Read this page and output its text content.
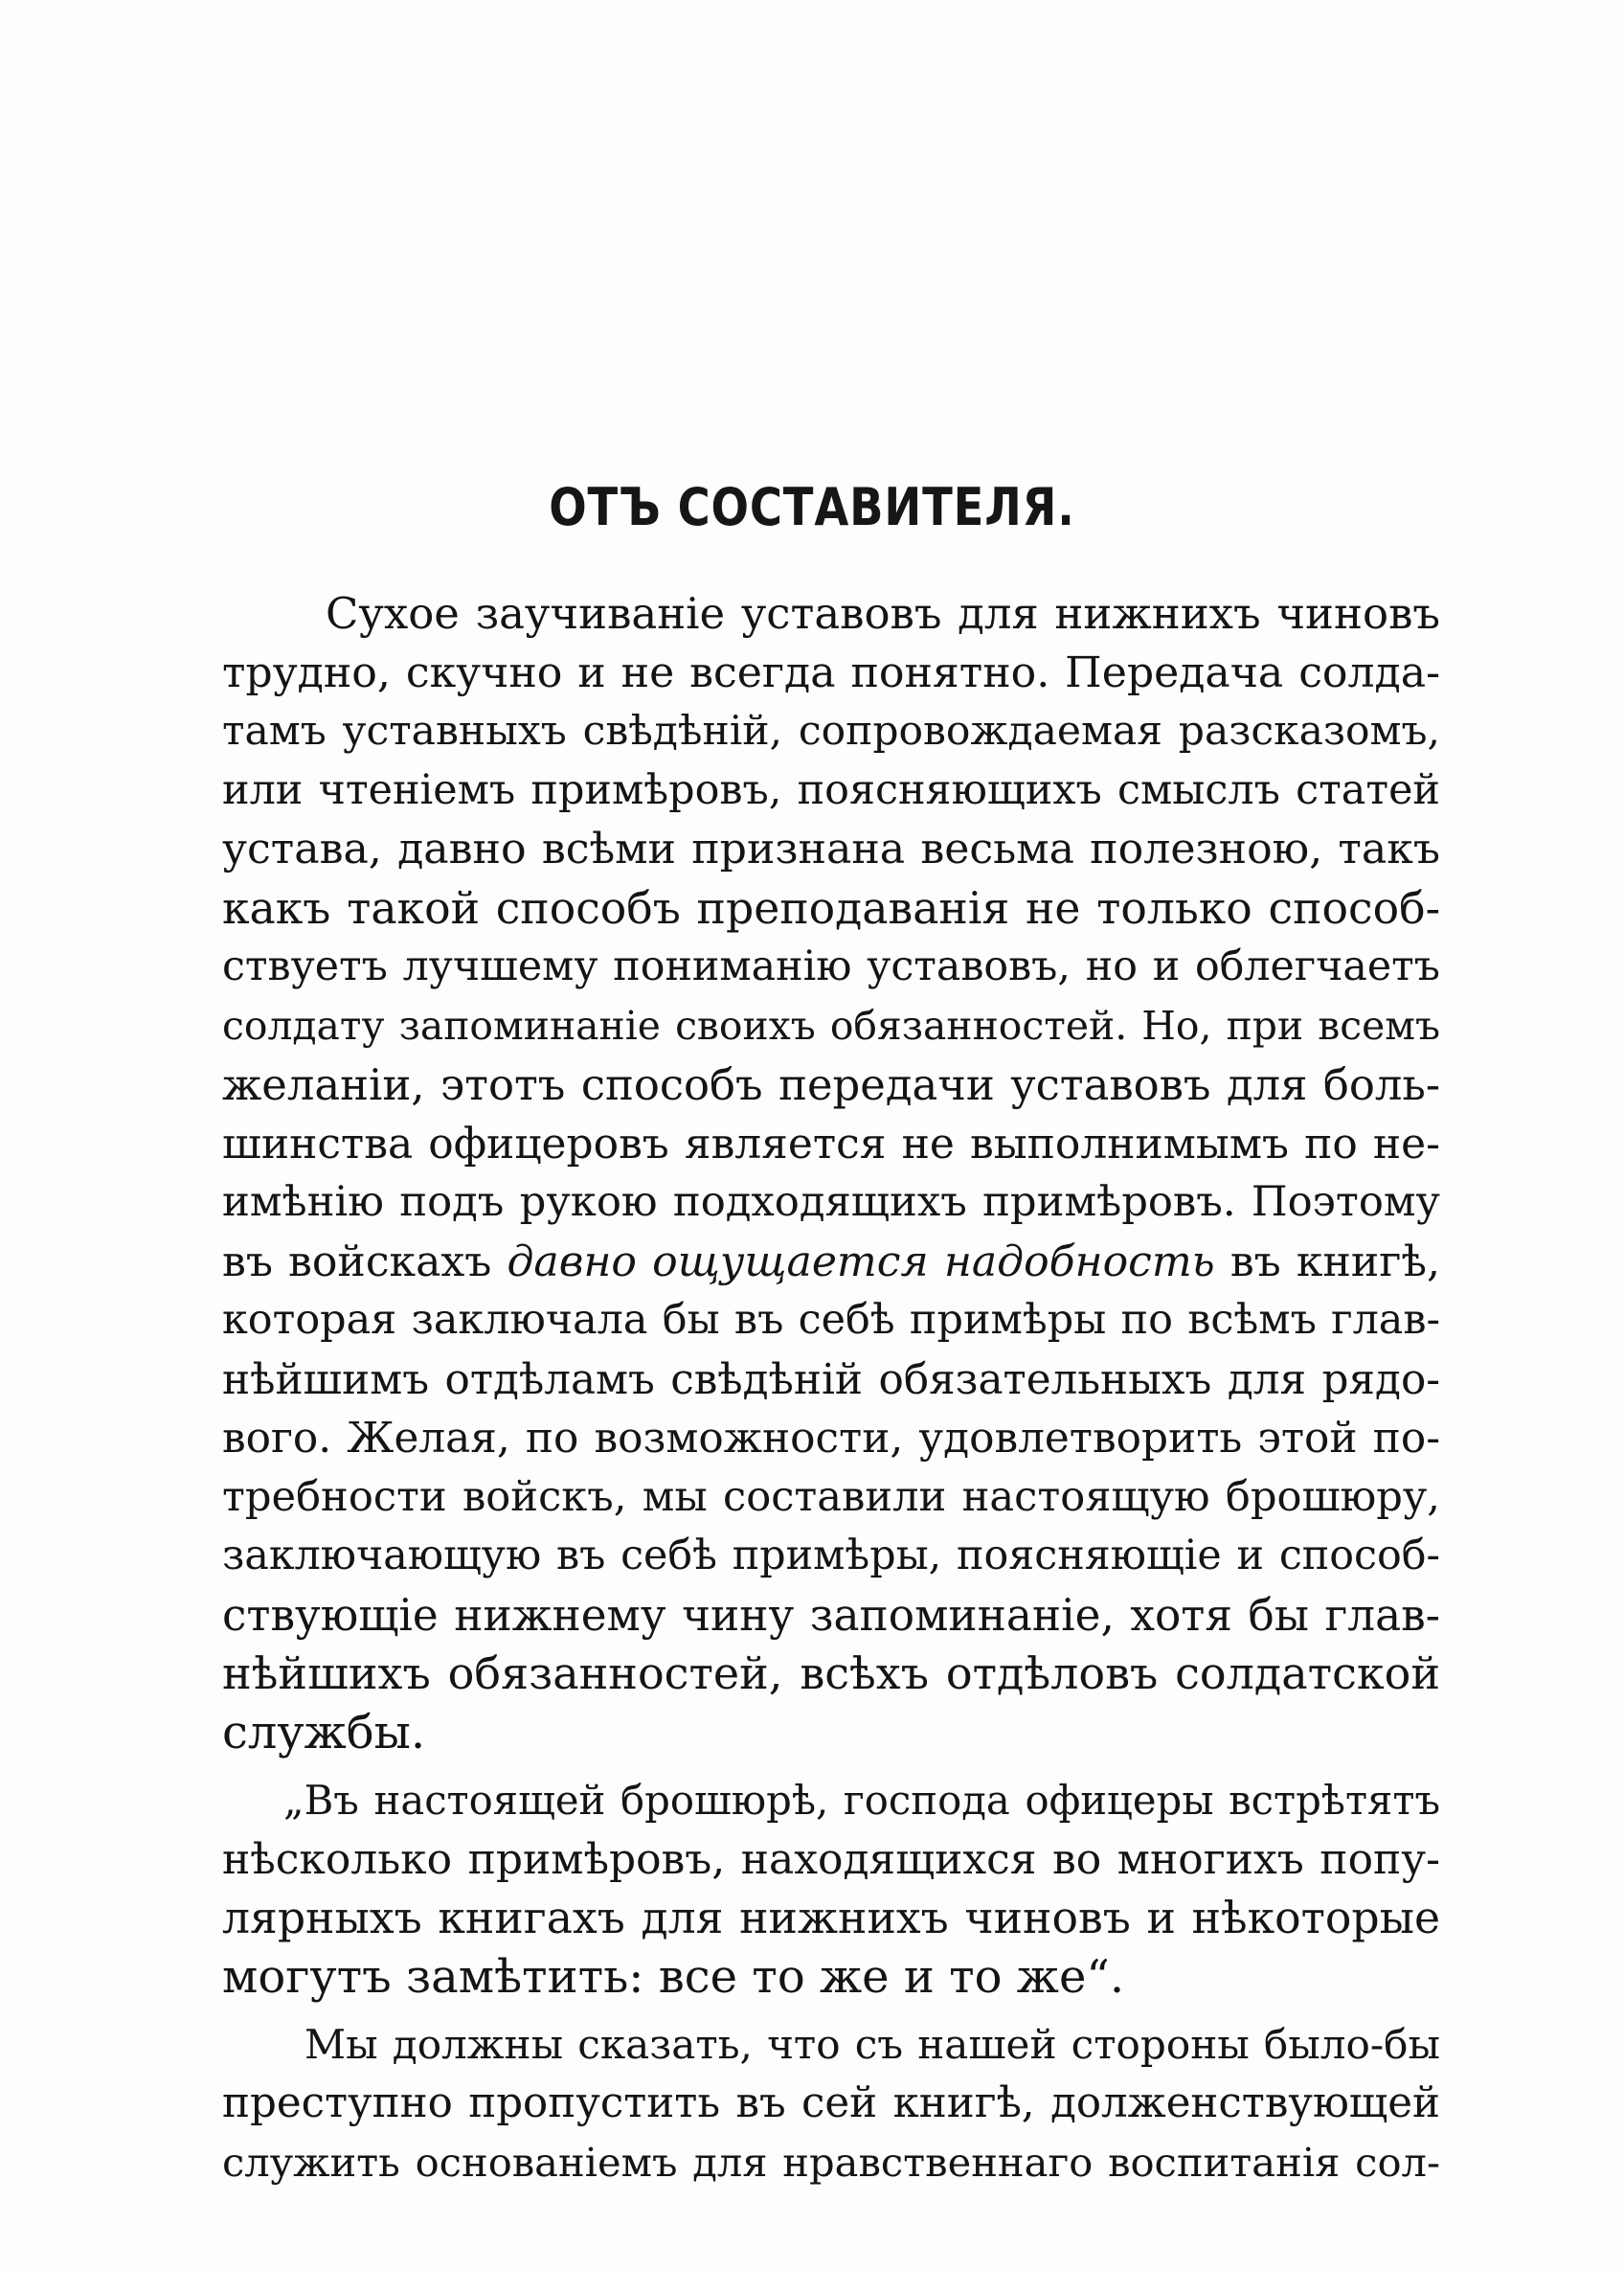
ОТЪ СОСТАВИТЕЛЯ.
Сухое заучиванiе уставовъ для нижнихъ чиновъ
трудно, скучно и не всегда понятно. Передача солда-
тамъ уставныхъ свѣдѣнiй, сопровождаемая разсказомъ,
или чтенiемъ примѣровъ, поясняющихъ смыслъ статей
устава, давно всѣми признана весьма полезною, такъ
какъ такой способъ преподаванiя не только способ-
ствуетъ лучшему пониманiю уставовъ, но и облегчаетъ
солдату запоминанiе своихъ обязанностей. Но, при всемъ
желанiи, этотъ способъ передачи уставовъ для боль-
шинства офицеровъ является не выполнимымъ по не-
имѣнiю подъ рукою подходящихъ примѣровъ. Поэтому
въ войскахъ давно ощущается надобность въ книгѣ,
которая заключала бы въ себѣ примѣры по всѣмъ глав-
нѣйшимъ отдѣламъ свѣдѣнiй обязательныхъ для рядо-
вого. Желая, по возможности, удовлетворить этой по-
требности войскъ, мы составили настоящую брошюру,
заключающую въ себѣ примѣры, поясняющiе и способ-
ствующiе нижнему чину запоминанiе, хотя бы глав-
нѣйшихъ обязанностей, всѣхъ отдѣловъ солдатской
службы.
„Въ настоящей брошюрѣ, господа офицеры встрѣтятъ
нѣсколько примѣровъ, находящихся во многихъ попу-
лярныхъ книгахъ для нижнихъ чиновъ и нѣкоторые
могутъ замѣтить: все то же и то же“.
Мы должны сказать, что съ нашей стороны было-бы
преступно пропустить въ сей книгѣ, долженствующей
служить основанiемъ для нравственнаго воспитанiя сол-
